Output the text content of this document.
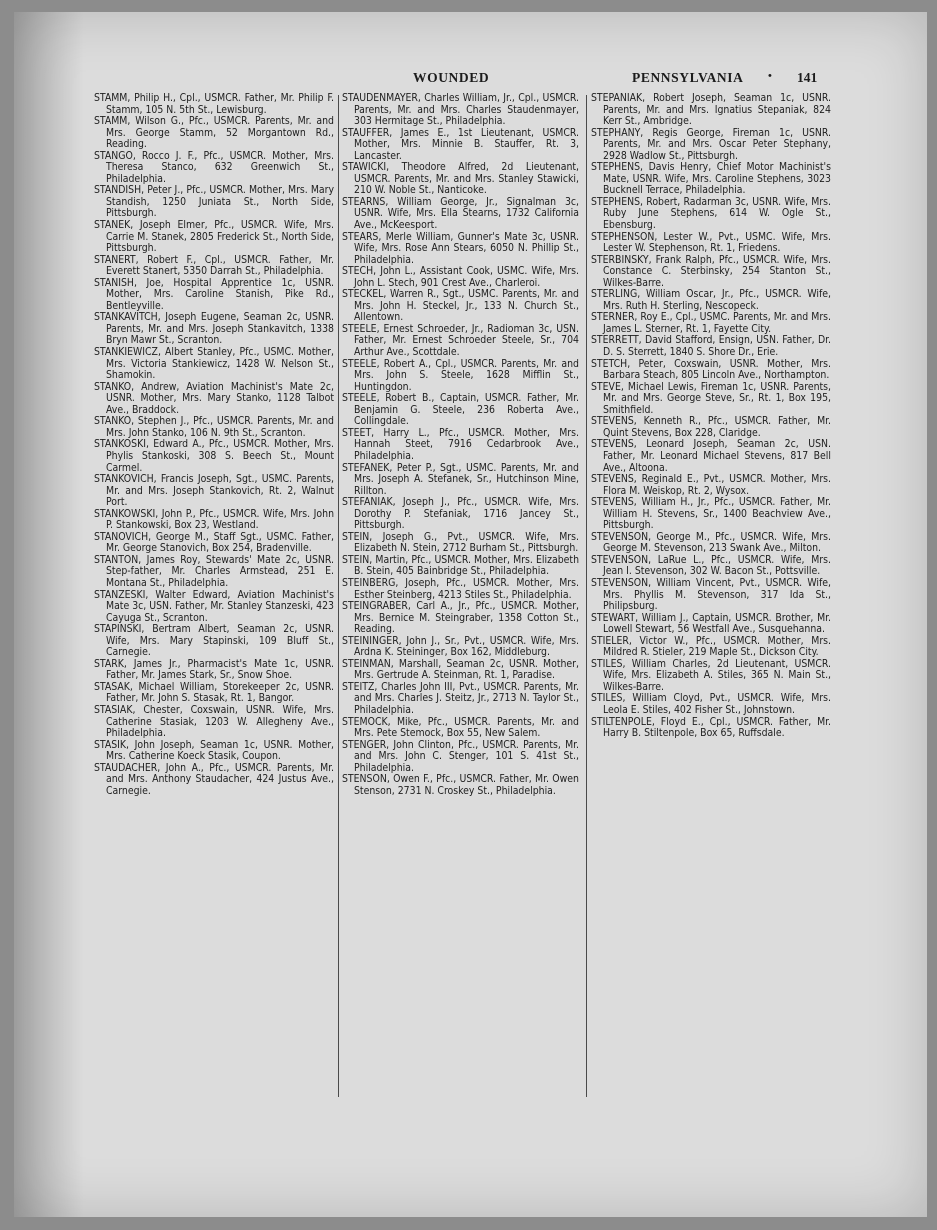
WOUNDED	PENNSYLVANIA • 141

STAMM, Philip H., Cpl., USMCR. Father, Mr. Philip F. Stamm, 105 N. 5th St., Lewisburg.

STAMM, Wilson G., Pfc., USMCR. Parents, Mr. and Mrs. George Stamm, 52 Morgantown Rd., Reading.

STANGO, Rocco J. F., Pfc., USMCR. Mother, Mrs. Theresa Stanco, 632 Greenwich St., Philadelphia.

STANDISH, Peter J., Pfc., USMCR. Mother, Mrs. Mary Standish, 1250 Juniata St., North Side, Pittsburgh.

STANEK, Joseph Elmer, Pfc., USMCR. Wife, Mrs. Carrie M. Stanek, 2805 Frederick St., North Side, Pittsburgh.

STANERT, Robert F., Cpl., USMCR. Father, Mr. Everett Stanert, 5350 Darrah St., Philadelphia.

STANISH, Joe, Hospital Apprentice 1c, USNR. Mother, Mrs. Caroline Stanish, Pike Rd., Bentleyville.

STANKAVITCH, Joseph Eugene, Seaman 2c, USNR. Parents, Mr. and Mrs. Joseph Stankavitch, 1338 Bryn Mawr St., Scranton.

STANKIEWICZ, Albert Stanley, Pfc., USMC. Mother, Mrs. Victoria Stankiewicz, 1428 W. Nelson St., Shamokin.

STANKO, Andrew, Aviation Machinist's Mate 2c, USNR. Mother, Mrs. Mary Stanko, 1128 Talbot Ave., Braddock.

STANKO, Stephen J., Pfc., USMCR. Parents, Mr. and Mrs. John Stanko, 106 N. 9th St., Scranton.

STANKOSKI, Edward A., Pfc., USMCR. Mother, Mrs. Phylis Stankoski, 308 S. Beech St., Mount Carmel.

STANKOVICH, Francis Joseph, Sgt., USMC. Parents, Mr. and Mrs. Joseph Stankovich, Rt. 2, Walnut Port.

STANKOWSKI, John P., Pfc., USMCR. Wife, Mrs. John P. Stankowski, Box 23, Westland.

STANOVICH, George M., Staff Sgt., USMC. Father, Mr. George Stanovich, Box 254, Bradenville.

STANTON, James Roy, Stewards' Mate 2c, USNR. Step-father, Mr. Charles Armstead, 251 E. Montana St., Philadelphia.

STANZESKI, Walter Edward, Aviation Machinist's Mate 3c, USN. Father, Mr. Stanley Stanzeski, 423 Cayuga St., Scranton.

STAPINSKI, Bertram Albert, Seaman 2c, USNR. Wife, Mrs. Mary Stapinski, 109 Bluff St., Carnegie.

STARK, James Jr., Pharmacist's Mate 1c, USNR. Father, Mr. James Stark, Sr., Snow Shoe.

STASAK, Michael William, Storekeeper 2c, USNR. Father, Mr. John S. Stasak, Rt. 1, Bangor.

STASIAK, Chester, Coxswain, USNR. Wife, Mrs. Catherine Stasiak, 1203 W. Allegheny Ave., Philadelphia.

STASIK, John Joseph, Seaman 1c, USNR. Mother, Mrs. Catherine Koeck Stasik, Coupon.

STAUDACHER, John A., Pfc., USMCR. Parents, Mr. and Mrs. Anthony Staudacher, 424 Justus Ave., Carnegie.

STAUDENMAYER, Charles William, Jr., Cpl., USMCR. Parents, Mr. and Mrs. Charles Staudenmayer, 303 Hermitage St., Philadelphia.

STAUFFER, James E., 1st Lieutenant, USMCR. Mother, Mrs. Minnie B. Stauffer, Rt. 3, Lancaster.

STAWICKI, Theodore Alfred, 2d Lieutenant, USMCR. Parents, Mr. and Mrs. Stanley Stawicki, 210 W. Noble St., Nanticoke.

STEARNS, William George, Jr., Signalman 3c, USNR. Wife, Mrs. Ella Stearns, 1732 California Ave., McKeesport.

STEARS, Merle William, Gunner's Mate 3c, USNR. Wife, Mrs. Rose Ann Stears, 6050 N. Phillip St., Philadelphia.

STECH, John L., Assistant Cook, USMC. Wife, Mrs. John L. Stech, 901 Crest Ave., Charleroi.

STECKEL, Warren R., Sgt., USMC. Parents, Mr. and Mrs. John H. Steckel, Jr., 133 N. Church St., Allentown.

STEELE, Ernest Schroeder, Jr., Radioman 3c, USN. Father, Mr. Ernest Schroeder Steele, Sr., 704 Arthur Ave., Scottdale.

STEELE, Robert A., Cpl., USMCR. Parents, Mr. and Mrs. John S. Steele, 1628 Mifflin St., Huntingdon.

STEELE, Robert B., Captain, USMCR. Father, Mr. Benjamin G. Steele, 236 Roberta Ave., Collingdale.

STEET, Harry L., Pfc., USMCR. Mother, Mrs. Hannah Steet, 7916 Cedarbrook Ave., Philadelphia.

STEFANEK, Peter P., Sgt., USMC. Parents, Mr. and Mrs. Joseph A. Stefanek, Sr., Hutchinson Mine, Rillton.

STEFANIAK, Joseph J., Pfc., USMCR. Wife, Mrs. Dorothy P. Stefaniak, 1716 Jancey St., Pittsburgh.

STEIN, Joseph G., Pvt., USMCR. Wife, Mrs. Elizabeth N. Stein, 2712 Burham St., Pittsburgh.

STEIN, Martin, Pfc., USMCR. Mother, Mrs. Elizabeth B. Stein, 405 Bainbridge St., Philadelphia.

STEINBERG, Joseph, Pfc., USMCR. Mother, Mrs. Esther Steinberg, 4213 Stiles St., Philadelphia.

STEINGRABER, Carl A., Jr., Pfc., USMCR. Mother, Mrs. Bernice M. Steingraber, 1358 Cotton St., Reading.

STEININGER, John J., Sr., Pvt., USMCR. Wife, Mrs. Ardna K. Steininger, Box 162, Middleburg.

STEINMAN, Marshall, Seaman 2c, USNR. Mother, Mrs. Gertrude A. Steinman, Rt. 1, Paradise.

STEITZ, Charles John III, Pvt., USMCR. Parents, Mr. and Mrs. Charles J. Steitz, Jr., 2713 N. Taylor St., Philadelphia.

STEMOCK, Mike, Pfc., USMCR. Parents, Mr. and Mrs. Pete Stemock, Box 55, New Salem.

STENGER, John Clinton, Pfc., USMCR. Parents, Mr. and Mrs. John C. Stenger, 101 S. 41st St., Philadelphia.

STENSON, Owen F., Pfc., USMCR. Father, Mr. Owen Stenson, 2731 N. Croskey St., Philadelphia.

STEPANIAK, Robert Joseph, Seaman 1c, USNR. Parents, Mr. and Mrs. Ignatius Stepaniak, 824 Kerr St., Ambridge.

STEPHANY, Regis George, Fireman 1c, USNR. Parents, Mr. and Mrs. Oscar Peter Stephany, 2928 Wadlow St., Pittsburgh.

STEPHENS, Davis Henry, Chief Motor Machinist's Mate, USNR. Wife, Mrs. Caroline Stephens, 3023 Bucknell Terrace, Philadelphia.

STEPHENS, Robert, Radarman 3c, USNR. Wife, Mrs. Ruby June Stephens, 614 W. Ogle St., Ebensburg.

STEPHENSON, Lester W., Pvt., USMC. Wife, Mrs. Lester W. Stephenson, Rt. 1, Friedens.

STERBINSKY, Frank Ralph, Pfc., USMCR. Wife, Mrs. Constance C. Sterbinsky, 254 Stanton St., Wilkes-Barre.

STERLING, William Oscar, Jr., Pfc., USMCR. Wife, Mrs. Ruth H. Sterling, Nescopeck.

STERNER, Roy E., Cpl., USMC. Parents, Mr. and Mrs. James L. Sterner, Rt. 1, Fayette City.

STERRETT, David Stafford, Ensign, USN. Father, Dr. D. S. Sterrett, 1840 S. Shore Dr., Erie.

STETCH, Peter, Coxswain, USNR. Mother, Mrs. Barbara Steach, 805 Lincoln Ave., Northampton.

STEVE, Michael Lewis, Fireman 1c, USNR. Parents, Mr. and Mrs. George Steve, Sr., Rt. 1, Box 195, Smithfield.

STEVENS, Kenneth R., Pfc., USMCR. Father, Mr. Quint Stevens, Box 228, Claridge.

STEVENS, Leonard Joseph, Seaman 2c, USN. Father, Mr. Leonard Michael Stevens, 817 Bell Ave., Altoona.

STEVENS, Reginald E., Pvt., USMCR. Mother, Mrs. Flora M. Weiskop, Rt. 2, Wysox.

STEVENS, William H., Jr., Pfc., USMCR. Father, Mr. William H. Stevens, Sr., 1400 Beachview Ave., Pittsburgh.

STEVENSON, George M., Pfc., USMCR. Wife, Mrs. George M. Stevenson, 213 Swank Ave., Milton.

STEVENSON, LaRue L., Pfc., USMCR. Wife, Mrs. Jean I. Stevenson, 302 W. Bacon St., Pottsville.

STEVENSON, William Vincent, Pvt., USMCR. Wife, Mrs. Phyllis M. Stevenson, 317 Ida St., Philipsburg.

STEWART, William J., Captain, USMCR. Brother, Mr. Lowell Stewart, 56 Westfall Ave., Susquehanna.

STIELER, Victor W., Pfc., USMCR. Mother, Mrs. Mildred R. Stieler, 219 Maple St., Dickson City.

STILES, William Charles, 2d Lieutenant, USMCR. Wife, Mrs. Elizabeth A. Stiles, 365 N. Main St., Wilkes-Barre.

STILES, William Cloyd, Pvt., USMCR. Wife, Mrs. Leola E. Stiles, 402 Fisher St., Johnstown.

STILTENPOLE, Floyd E., Cpl., USMCR. Father, Mr. Harry B. Stiltenpole, Box 65, Ruffsdale.
